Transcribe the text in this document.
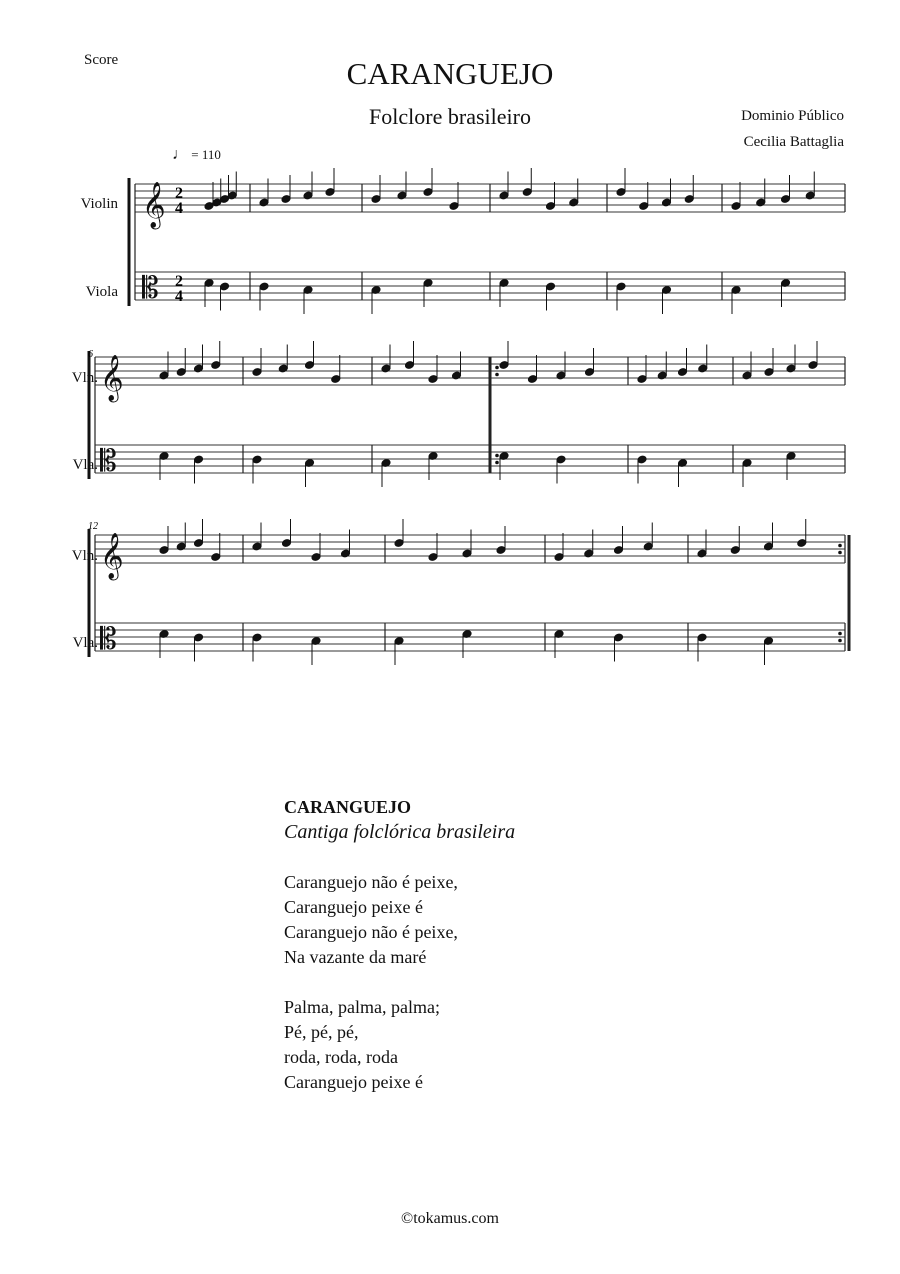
Score	CARANGUEJO
Folclore brasileiro	Dominio Público
Cecilia Battaglia
♩ = 110
Violin
Viola
Vln.
Vla.
Vln.
Vla.
𝄞
𝄡
𝄞
𝄡
𝄞
𝄡
6
12
2
4
2
4
CARANGUEJO
Cantiga folclórica brasileira
Caranguejo não é peixe,
Caranguejo peixe é
Caranguejo não é peixe,
Na vazante da maré
Palma, palma, palma;
Pé, pé, pé,
roda, roda, roda
Caranguejo peixe é
©tokamus.com
